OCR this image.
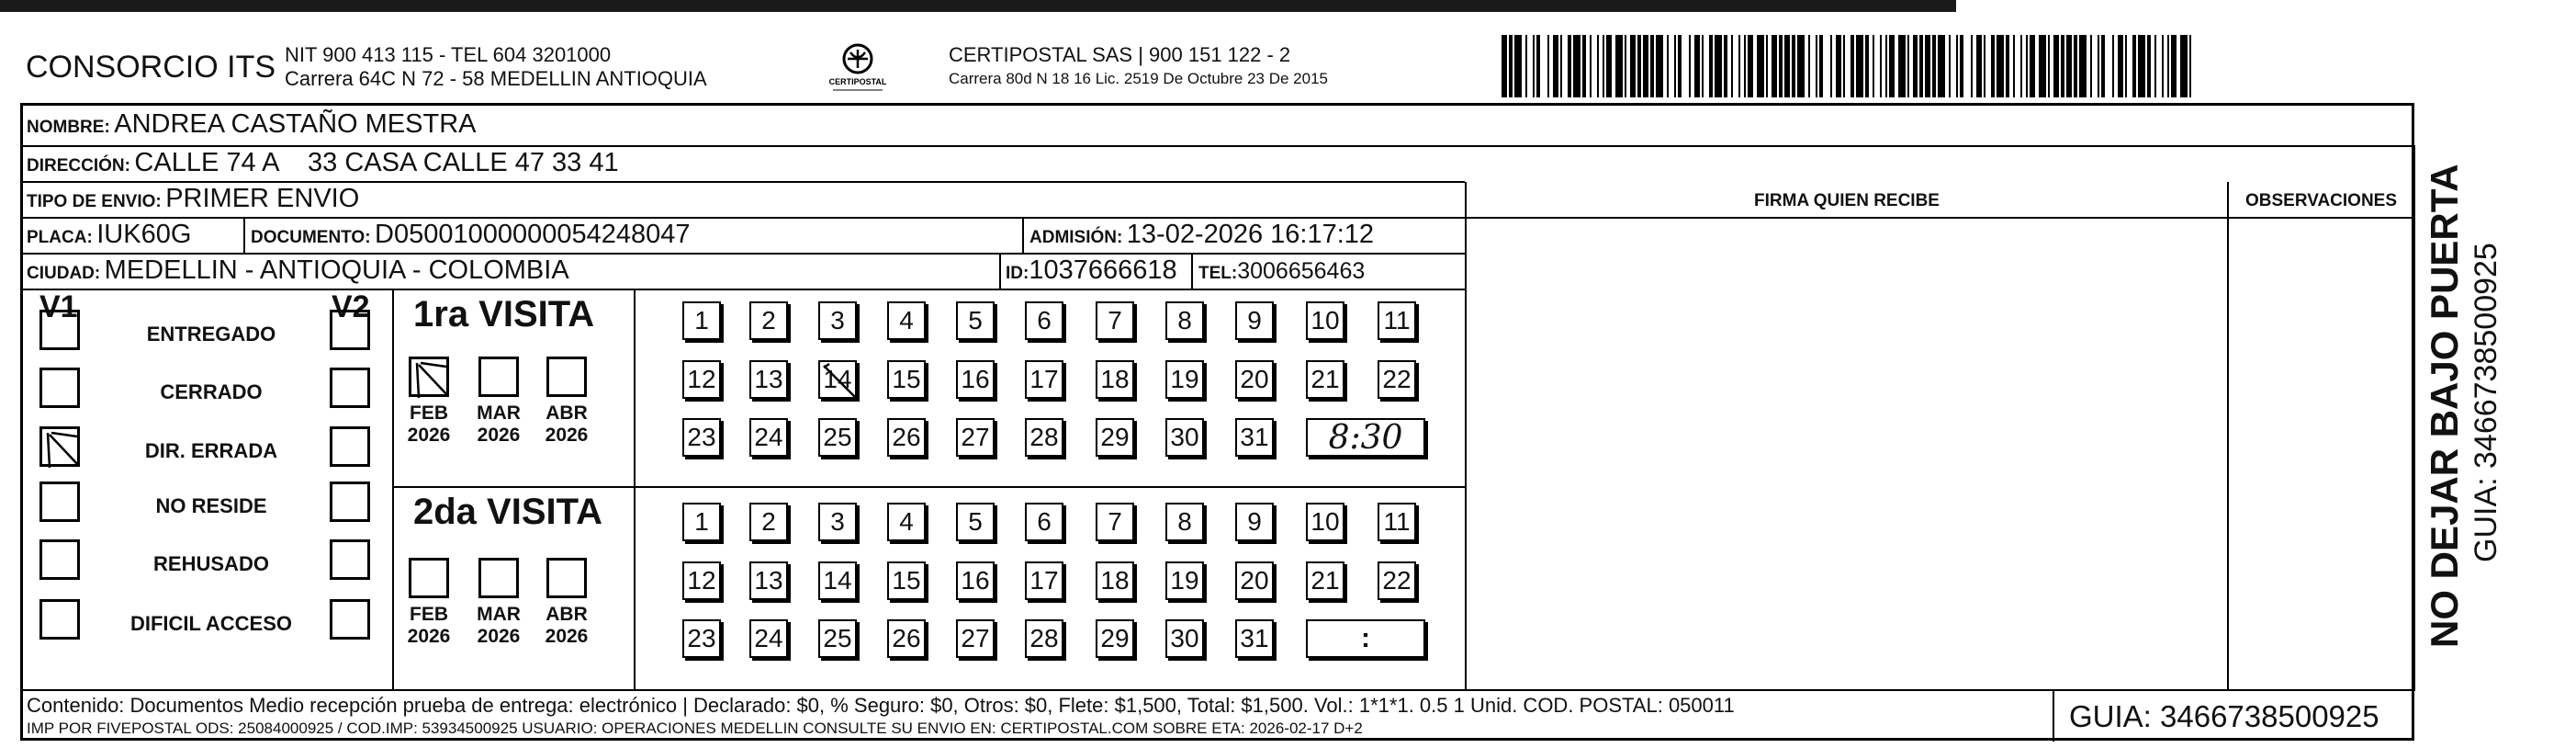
CONSORCIO ITS NIT 900 413 115 - TEL 604 3201000
Carrera 64C N 72 - 58 MEDELLIN ANTIOQUIA	CERTIPOSTAL
CERTIPOSTAL SAS | 900 151 122 - 2
Carrera 80d N 18 16 Lic. 2519 De Octubre 23 De 2015
NOMBRE: ANDREA CASTAÑO MESTRA
DIRECCIÓN: CALLE 74 A    33 CASA CALLE 47 33 41
TIPO DE ENVIO: PRIMER ENVIO	FIRMA QUIEN RECIBE	OBSERVACIONES
PLACA: IUK60G	DOCUMENTO: D05001000000054248047	ADMISIÓN: 13-02-2026 16:17:12
CIUDAD: MEDELLIN - ANTIOQUIA - COLOMBIA	ID:1037666618 TEL:3006656463
V1	V2
ENTREGADO
CERRADO
DIR. ERRADA
NO RESIDE
REHUSADO
DIFICIL ACCESO
1ra VISITA
FEB
2026
MAR
2026
ABR
2026
1	2	3	4	5	6	7	8	9	10 11
12 13 14 15 16 17 18 19 20 21 22
23 24 25 26 27 28 29 30 31	8:30
2da VISITA
FEB
2026
MAR
2026
ABR
2026
1	2	3	4	5	6	7	8	9	10 11
12 13 14 15 16 17 18 19 20 21 22
23 24 25 26 27 28 29 30 31	:
Contenido: Documentos Medio recepción prueba de entrega: electrónico | Declarado: $0, % Seguro: $0, Otros: $0, Flete: $1,500, Total: $1,500. Vol.: 1*1*1. 0.5 1 Unid. COD. POSTAL: 050011
IMP POR FIVEPOSTAL ODS: 25084000925 / COD.IMP: 53934500925 USUARIO: OPERACIONES MEDELLIN CONSULTE SU ENVIO EN: CERTIPOSTAL.COM SOBRE ETA: 2026-02-17 D+2	GUIA: 3466738500925
NO DEJAR BAJO PUERTA GUIA: 3466738500925
